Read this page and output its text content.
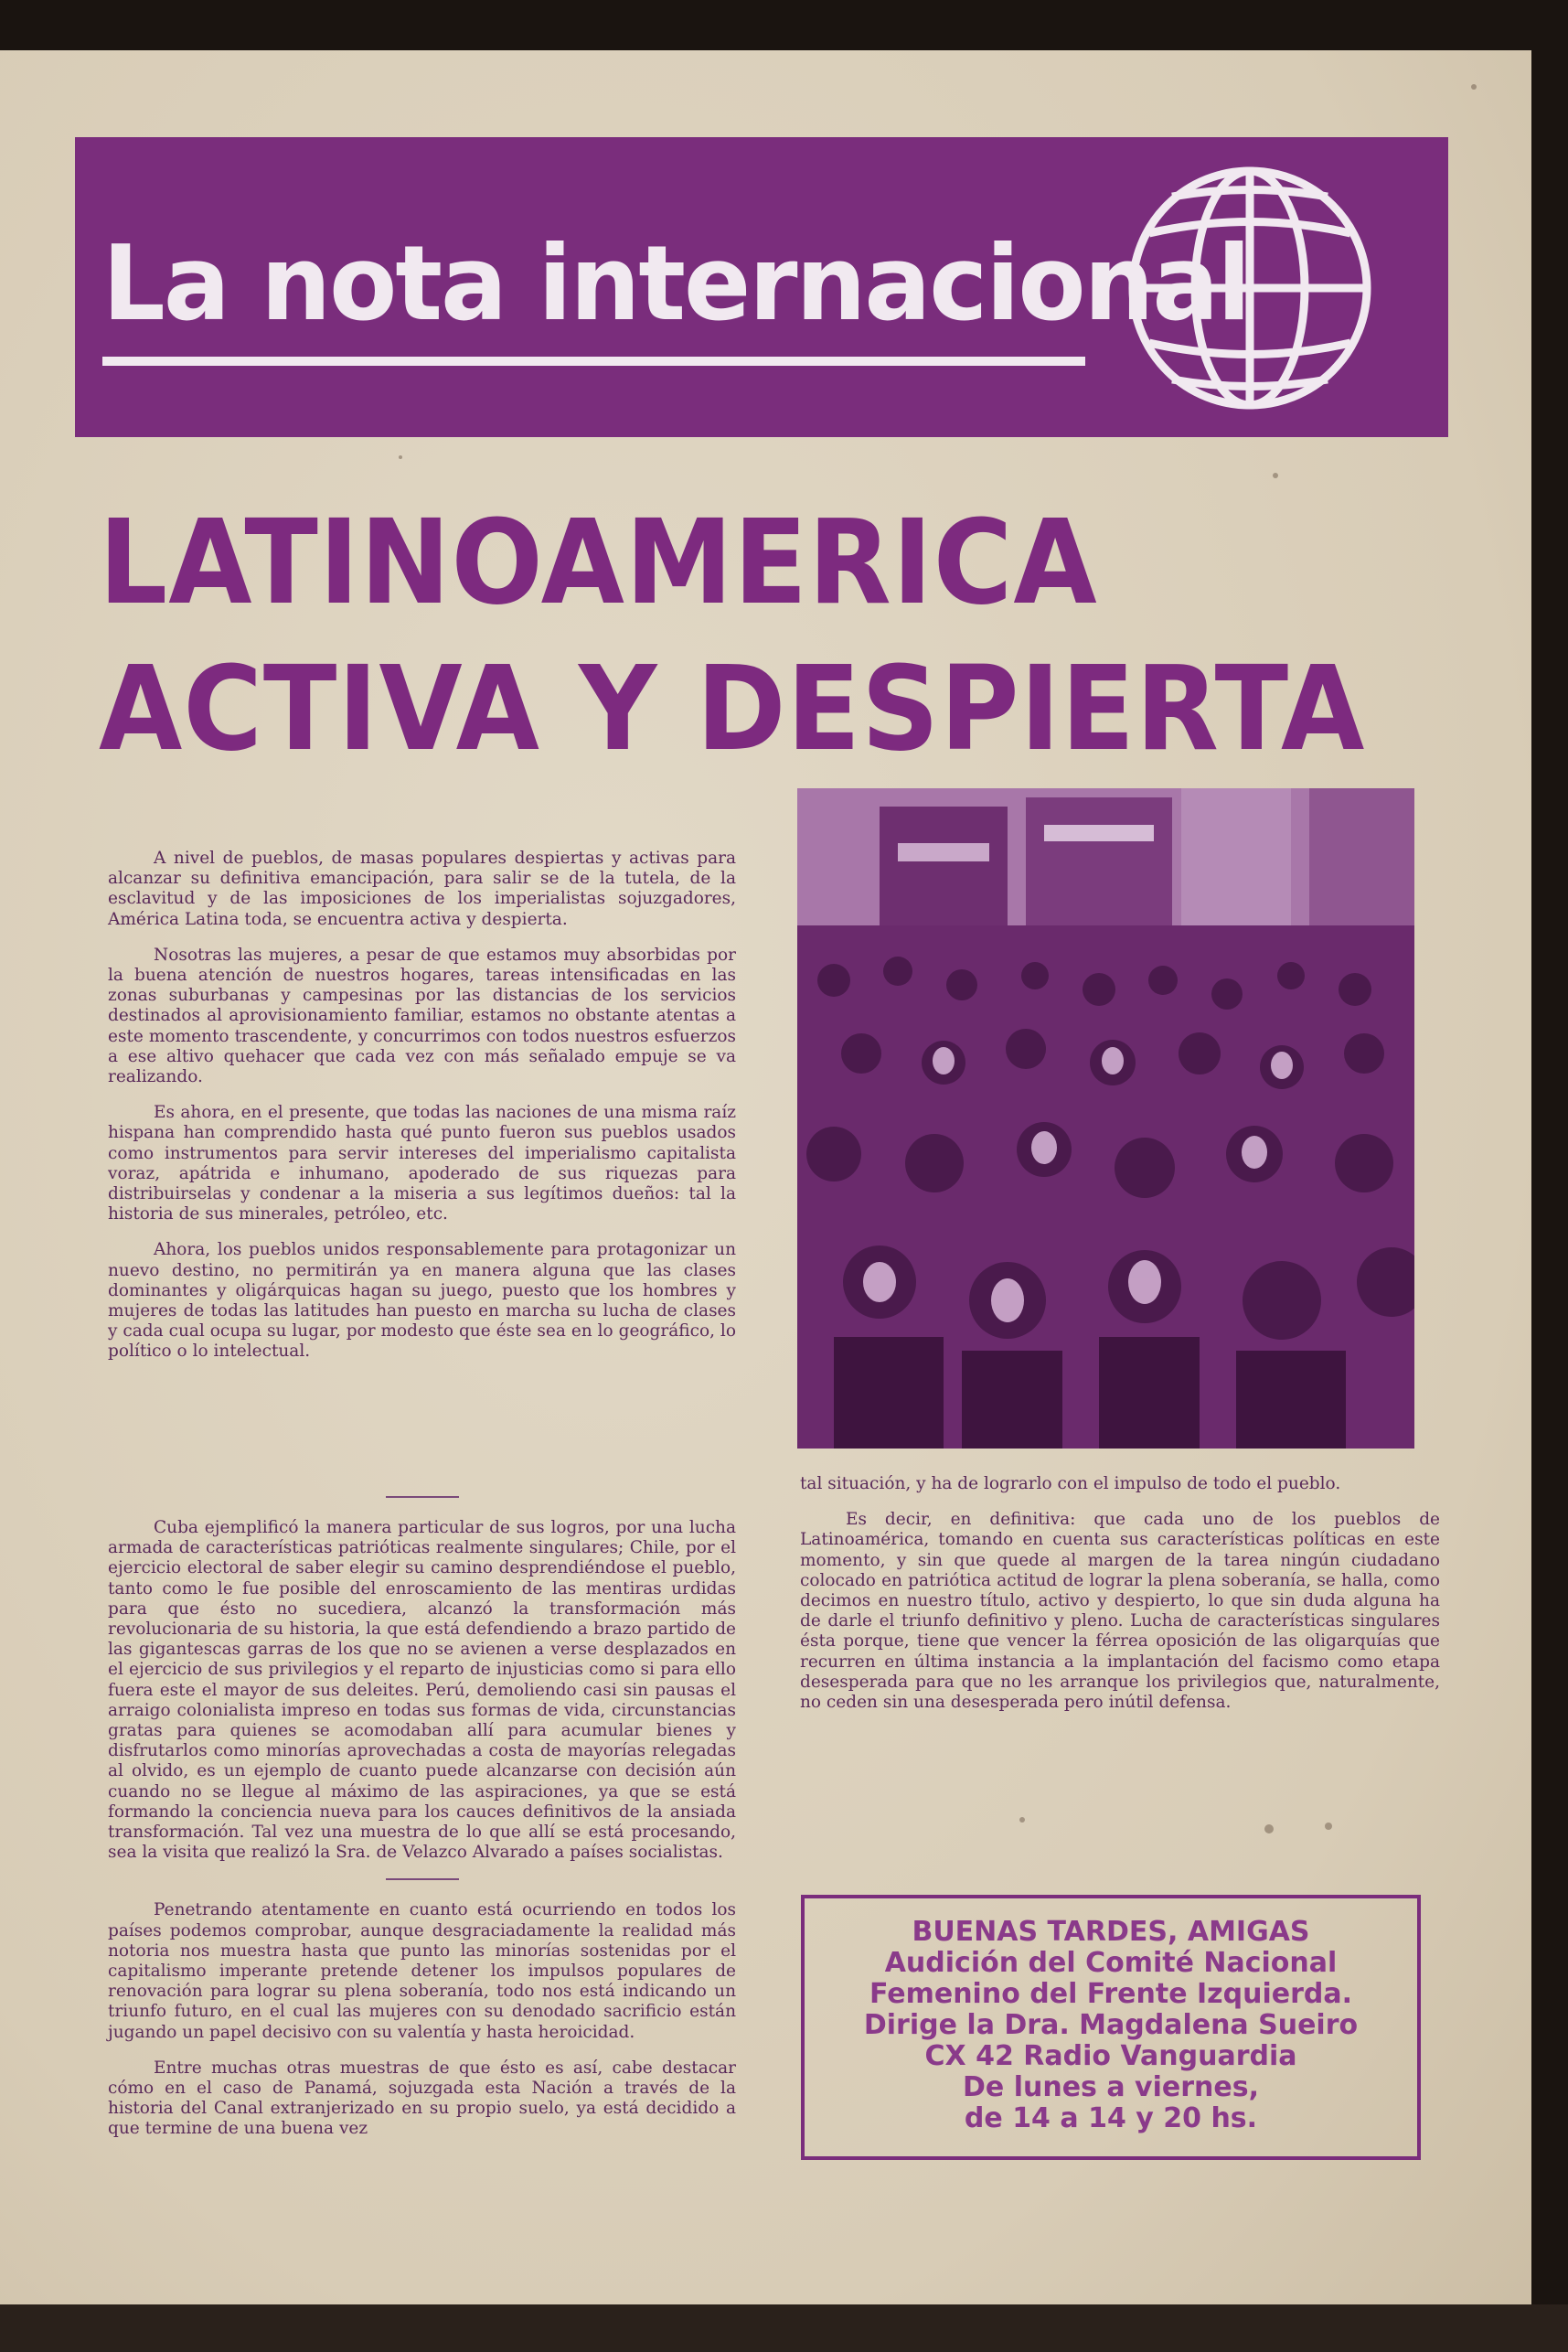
La nota internacional
LATINOAMERICA
ACTIVA Y DESPIERTA

A nivel de pueblos, de masas populares despiertas y activas para alcanzar su definitiva emancipación, para salir se de la tutela, de la esclavitud y de las imposiciones de los imperialistas sojuzgadores, América Latina toda, se encuentra activa y despierta.

Nosotras las mujeres, a pesar de que estamos muy absorbidas por la buena atención de nuestros hogares, tareas intensificadas en las zonas suburbanas y campesinas por las distancias de los servicios destinados al aprovisionamiento familiar, estamos no obstante atentas a este momento trascendente, y concurrimos con todos nuestros esfuerzos a ese altivo quehacer que cada vez con más señalado empuje se va realizando.

Es ahora, en el presente, que todas las naciones de una misma raíz hispana han comprendido hasta qué punto fueron sus pueblos usados como instrumentos para servir intereses del imperialismo capitalista voraz, apátrida e inhumano, apoderado de sus riquezas para distribuirselas y condenar a la miseria a sus legítimos dueños: tal la historia de sus minerales, petróleo, etc.

Ahora, los pueblos unidos responsablemente para protagonizar un nuevo destino, no permitirán ya en manera alguna que las clases dominantes y oligárquicas hagan su juego, puesto que los hombres y mujeres de todas las latitudes han puesto en marcha su lucha de clases y cada cual ocupa su lugar, por modesto que éste sea en lo geográfico, lo político o lo intelectual.

Cuba ejemplificó la manera particular de sus logros, por una lucha armada de características patrióticas realmente singulares; Chile, por el ejercicio electoral de saber elegir su camino desprendiéndose el pueblo, tanto como le fue posible del enroscamiento de las mentiras urdidas para que ésto no sucediera, alcanzó la transformación más revolucionaria de su historia, la que está defendiendo a brazo partido de las gigantescas garras de los que no se avienen a verse desplazados en el ejercicio de sus privilegios y el reparto de injusticias como si para ello fuera este el mayor de sus deleites. Perú, demoliendo casi sin pausas el arraigo colonialista impreso en todas sus formas de vida, circunstancias gratas para quienes se acomodaban allí para acumular bienes y disfrutarlos como minorías aprovechadas a costa de mayorías relegadas al olvido, es un ejemplo de cuanto puede alcanzarse con decisión aún cuando no se llegue al máximo de las aspiraciones, ya que se está formando la conciencia nueva para los cauces definitivos de la ansiada transformación. Tal vez una muestra de lo que allí se está procesando, sea la visita que realizó la Sra. de Velazco Alvarado a países socialistas.

Penetrando atentamente en cuanto está ocurriendo en todos los países podemos comprobar, aunque desgraciadamente la realidad más notoria nos muestra hasta que punto las minorías sostenidas por el capitalismo imperante pretende detener los impulsos populares de renovación para lograr su plena soberanía, todo nos está indicando un triunfo futuro, en el cual las mujeres con su denodado sacrificio están jugando un papel decisivo con su valentía y hasta heroicidad.

Entre muchas otras muestras de que ésto es así, cabe destacar cómo en el caso de Panamá, sojuzgada esta Nación a través de la historia del Canal extranjerizado en su propio suelo, ya está decidido a que termine de una buena vez

tal situación, y ha de lograrlo con el impulso de todo el pueblo.

Es decir, en definitiva: que cada uno de los pueblos de Latinoamérica, tomando en cuenta sus características políticas en este momento, y sin que quede al margen de la tarea ningún ciudadano colocado en patriótica actitud de lograr la plena soberanía, se halla, como decimos en nuestro título, activo y despierto, lo que sin duda alguna ha de darle el triunfo definitivo y pleno. Lucha de características singulares ésta porque, tiene que vencer la férrea oposición de las oligarquías que recurren en última instancia a la implantación del facismo como etapa desesperada para que no les arranque los privilegios que, naturalmente, no ceden sin una desesperada pero inútil defensa.

BUENAS TARDES, AMIGAS
Audición del Comité Nacional
Femenino del Frente Izquierda.
Dirige la Dra. Magdalena Sueiro
CX 42 Radio Vanguardia
De lunes a viernes,
de 14 a 14 y 20 hs.
